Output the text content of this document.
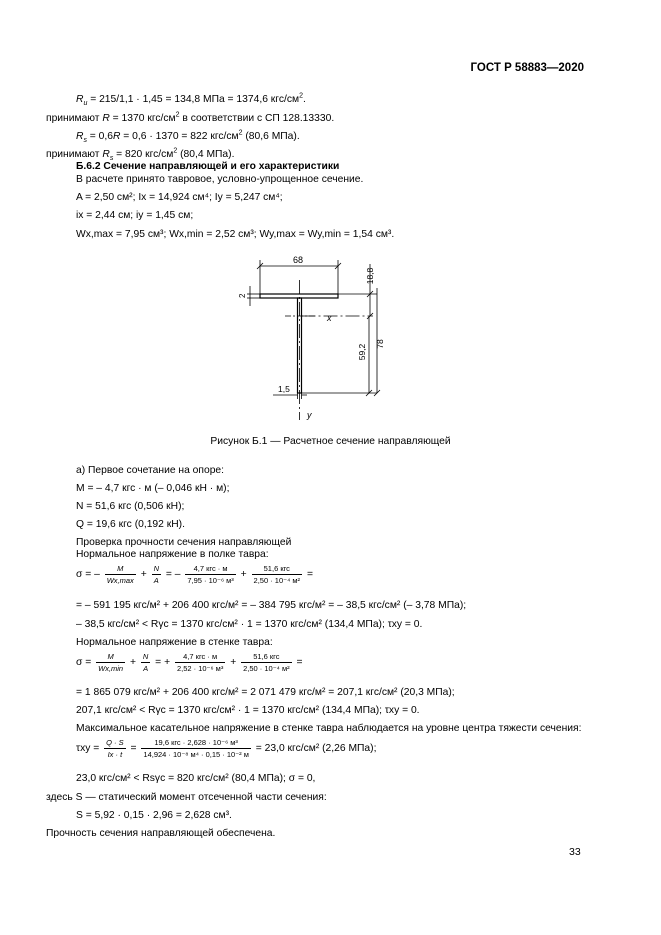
ГОСТ Р 58883—2020
$R_u = 215/1,1 \cdot 1,45 = 134,8$ МПа = 1374,6 кгс/$см^2$.
принимают R = 1370 кгс/$см^2$ в соответствии с СП 128.13330.
$R_s = 0,6R = 0,6 \cdot 1370 = 822$ кгс/$см^2$ (80,6 МПа).
принимают $R_s = 820$ кгс/$см^2$ (80,4 МПа).
Б.6.2 Сечение направляющей и его характеристики
В расчете принято тавровое, условно-упрощенное сечение.
A = 2,50 см²; Ix = 14,924 см⁴; Iy = 5,247 см⁴;
ix = 2,44 см; iy = 1,45 см;
Wx,max = 7,95 см³; Wx,min = 2,52 см³; Wy,max = Wy,min = 1,54 см³.
68
2
18,8
78
59,2
1,5
x
y
Рисунок Б.1 — Расчетное сечение направляющей
а) Первое сочетание на опоре:
M = – 4,7 кгс · м (– 0,046 кН · м);
N = 51,6 кгс (0,506 кН);
Q = 19,6 кгс (0,192 кН).
Проверка прочности сечения направляющей
Нормальное напряжение в полке тавра:
σ = – $\frac{M}{Wx,\max} + \frac{N}{A}$ = – $\frac{\text{4,7 кгс · м}}{\text{7,95 · 10⁻⁶ м³}} + \frac{\text{51,6 кгс}}{\text{2,50 · 10⁻⁴ м²}}$ =
= – 591 195 кгс/м² + 206 400 кгс/м² = – 384 795 кгс/м² = – 38,5 кгс/см² (– 3,78 МПа);
– 38,5 кгс/см² < Rγc = 1370 кгс/см² · 1 = 1370 кгс/см² (134,4 МПа); τxy = 0.
Нормальное напряжение в стенке тавра:
$\sigma = \frac{M}{Wx,\min} + \frac{N}{A}$ = + $\frac{\text{4,7 кгс · м}}{\text{2,52 · 10⁻⁶ м³}} + \frac{\text{51,6 кгс}}{\text{2,50 · 10⁻⁴ м²}}$ =
= 1 865 079 кгс/м² + 206 400 кгс/м² = 2 071 479 кгс/м² = 207,1 кгс/см² (20,3 МПа);
207,1 кгс/см² < Rγc = 1370 кгс/см² · 1 = 1370 кгс/см² (134,4 МПа); τxy = 0.
Максимальное касательное напряжение в стенке тавра наблюдается на уровне центра тяжести сечения:
$\tau xy = \frac{Q \cdot S}{Ix \cdot t} = \frac{\text{19,6 кгс · 2,628 · 10⁻⁶ м³}}{\text{14,924 · 10⁻⁸ м⁴ · 0,15 · 10⁻² м}} = 23,0$ кгс/см² (2,26 МПа);
23,0 кгс/см² < Rsγc = 820 кгс/см² (80,4 МПа); σ = 0,
здесь S — статический момент отсеченной части сечения:
S = 5,92 · 0,15 · 2,96 = 2,628 см³.
Прочность сечения направляющей обеспечена.
33
